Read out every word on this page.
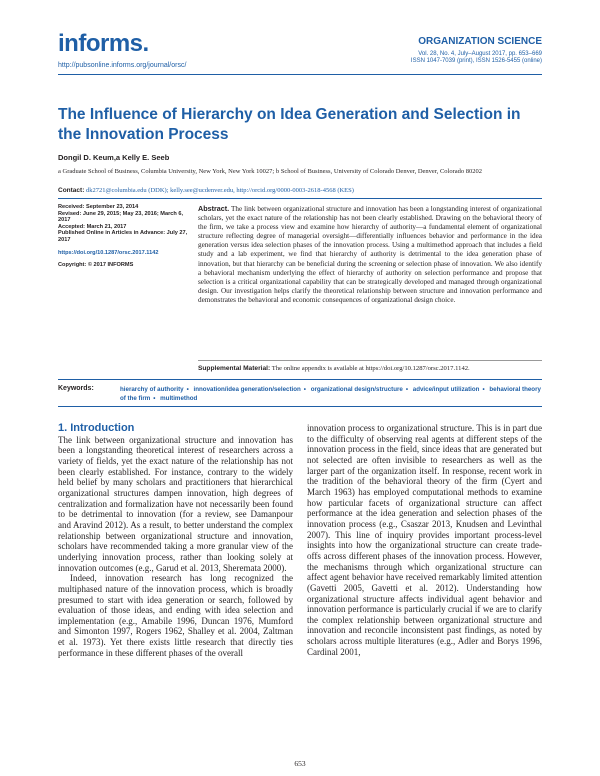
informs.
http://pubsonline.informs.org/journal/orsc/
ORGANIZATION SCIENCE
Vol. 28, No. 4, July–August 2017, pp. 653–669
ISSN 1047-7039 (print), ISSN 1526-5455 (online)
The Influence of Hierarchy on Idea Generation and Selection in the Innovation Process
Dongil D. Keum,a Kelly E. Seeb
a Graduate School of Business, Columbia University, New York, New York 10027; b School of Business, University of Colorado Denver, Denver, Colorado 80202
Contact: dk2721@columbia.edu (DDK); kelly.see@ucdenver.edu, http://orcid.org/0000-0003-2618-4568 (KES)
Received: September 23, 2014
Revised: June 29, 2015; May 23, 2016; March 6, 2017
Accepted: March 21, 2017
Published Online in Articles in Advance: July 27, 2017
https://doi.org/10.1287/orsc.2017.1142
Copyright: © 2017 INFORMS
Abstract. The link between organizational structure and innovation has been a longstanding interest of organizational scholars, yet the exact nature of the relationship has not been clearly established. Drawing on the behavioral theory of the firm, we take a process view and examine how hierarchy of authority—a fundamental element of organizational structure reflecting degree of managerial oversight—differentially influences behavior and performance in the idea generation versus idea selection phases of the innovation process. Using a multimethod approach that includes a field study and a lab experiment, we find that hierarchy of authority is detrimental to the idea generation phase of innovation, but that hierarchy can be beneficial during the screening or selection phase of innovation. We also identify a behavioral mechanism underlying the effect of hierarchy of authority on selection performance and propose that selection is a critical organizational capability that can be strategically developed and managed through organizational design. Our investigation helps clarify the theoretical relationship between structure and innovation performance and demonstrates the behavioral and economic consequences of organizational design choice.
Supplemental Material: The online appendix is available at https://doi.org/10.1287/orsc.2017.1142.
Keywords:	hierarchy of authority • innovation/idea generation/selection • organizational design/structure • advice/input utilization • behavioral theory of the firm • multimethod
1. Introduction

The link between organizational structure and innovation has been a longstanding theoretical interest of researchers across a variety of fields, yet the exact nature of the relationship has not been clearly established. For instance, contrary to the widely held belief by many scholars and practitioners that hierarchical organizational structures dampen innovation, high degrees of centralization and formalization have not necessarily been found to be detrimental to innovation (for a review, see Damanpour and Aravind 2012). As a result, to better understand the complex relationship between organizational structure and innovation, scholars have recommended taking a more granular view of the underlying innovation process, rather than looking solely at innovation outcomes (e.g., Garud et al. 2013, Sheremata 2000).

Indeed, innovation research has long recognized the multiphased nature of the innovation process, which is broadly presumed to start with idea generation or search, followed by evaluation of those ideas, and ending with idea selection and implementation (e.g., Amabile 1996, Duncan 1976, Mumford and Simonton 1997, Rogers 1962, Shalley et al. 2004, Zaltman et al. 1973). Yet there exists little research that directly ties performance in these different phases of the overall

innovation process to organizational structure. This is in part due to the difficulty of observing real agents at different steps of the innovation process in the field, since ideas that are generated but not selected are often invisible to researchers as well as the larger part of the organization itself. In response, recent work in the tradition of the behavioral theory of the firm (Cyert and March 1963) has employed computational methods to examine how particular facets of organizational structure can affect performance at the idea generation and selection phases of the innovation process (e.g., Csaszar 2013, Knudsen and Levinthal 2007). This line of inquiry provides important process-level insights into how the organizational structure can create trade-offs across different phases of the innovation process. However, the mechanisms through which organizational structure can affect agent behavior have received remarkably limited attention (Gavetti 2005, Gavetti et al. 2012). Understanding how organizational structure affects individual agent behavior and innovation performance is particularly crucial if we are to clarify the complex relationship between organizational structure and innovation and reconcile inconsistent past findings, as noted by scholars across multiple literatures (e.g., Adler and Borys 1996, Cardinal 2001,

653
